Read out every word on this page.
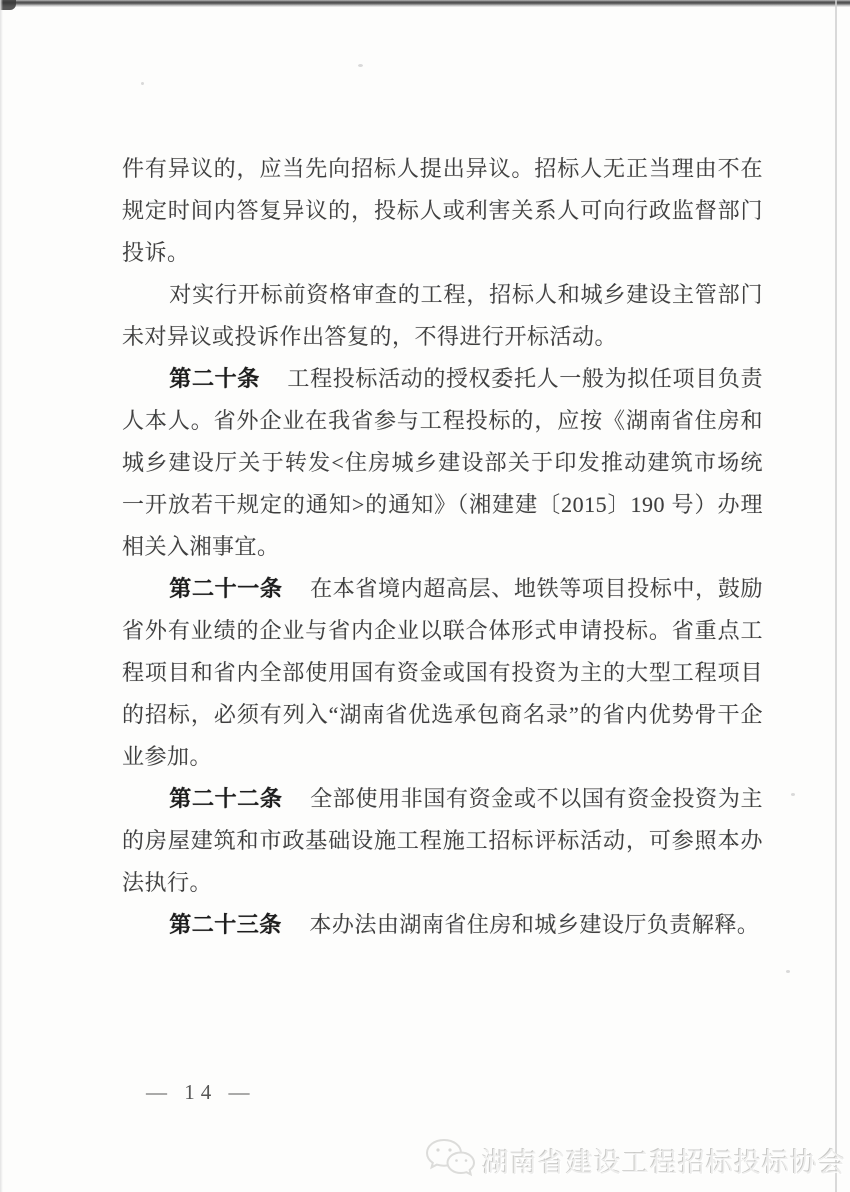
件有异议的，应当先向招标人提出异议。招标人无正当理由不在规定时间内答复异议的，投标人或利害关系人可向行政监督部门投诉。

对实行开标前资格审查的工程，招标人和城乡建设主管部门未对异议或投诉作出答复的，不得进行开标活动。

第二十条 工程投标活动的授权委托人一般为拟任项目负责人本人。省外企业在我省参与工程投标的，应按《湖南省住房和城乡建设厅关于转发<住房城乡建设部关于印发推动建筑市场统一开放若干规定的通知>的通知》（湘建建〔2015〕190 号）办理相关入湘事宜。

第二十一条 在本省境内超高层、地铁等项目投标中，鼓励省外有业绩的企业与省内企业以联合体形式申请投标。省重点工程项目和省内全部使用国有资金或国有投资为主的大型工程项目的招标，必须有列入“湖南省优选承包商名录”的省内优势骨干企业参加。

第二十二条 全部使用非国有资金或不以国有资金投资为主的房屋建筑和市政基础设施工程施工招标评标活动，可参照本办法执行。

第二十三条 本办法由湖南省住房和城乡建设厅负责解释。

— 14 —
湖南省建设工程招标投标协会
